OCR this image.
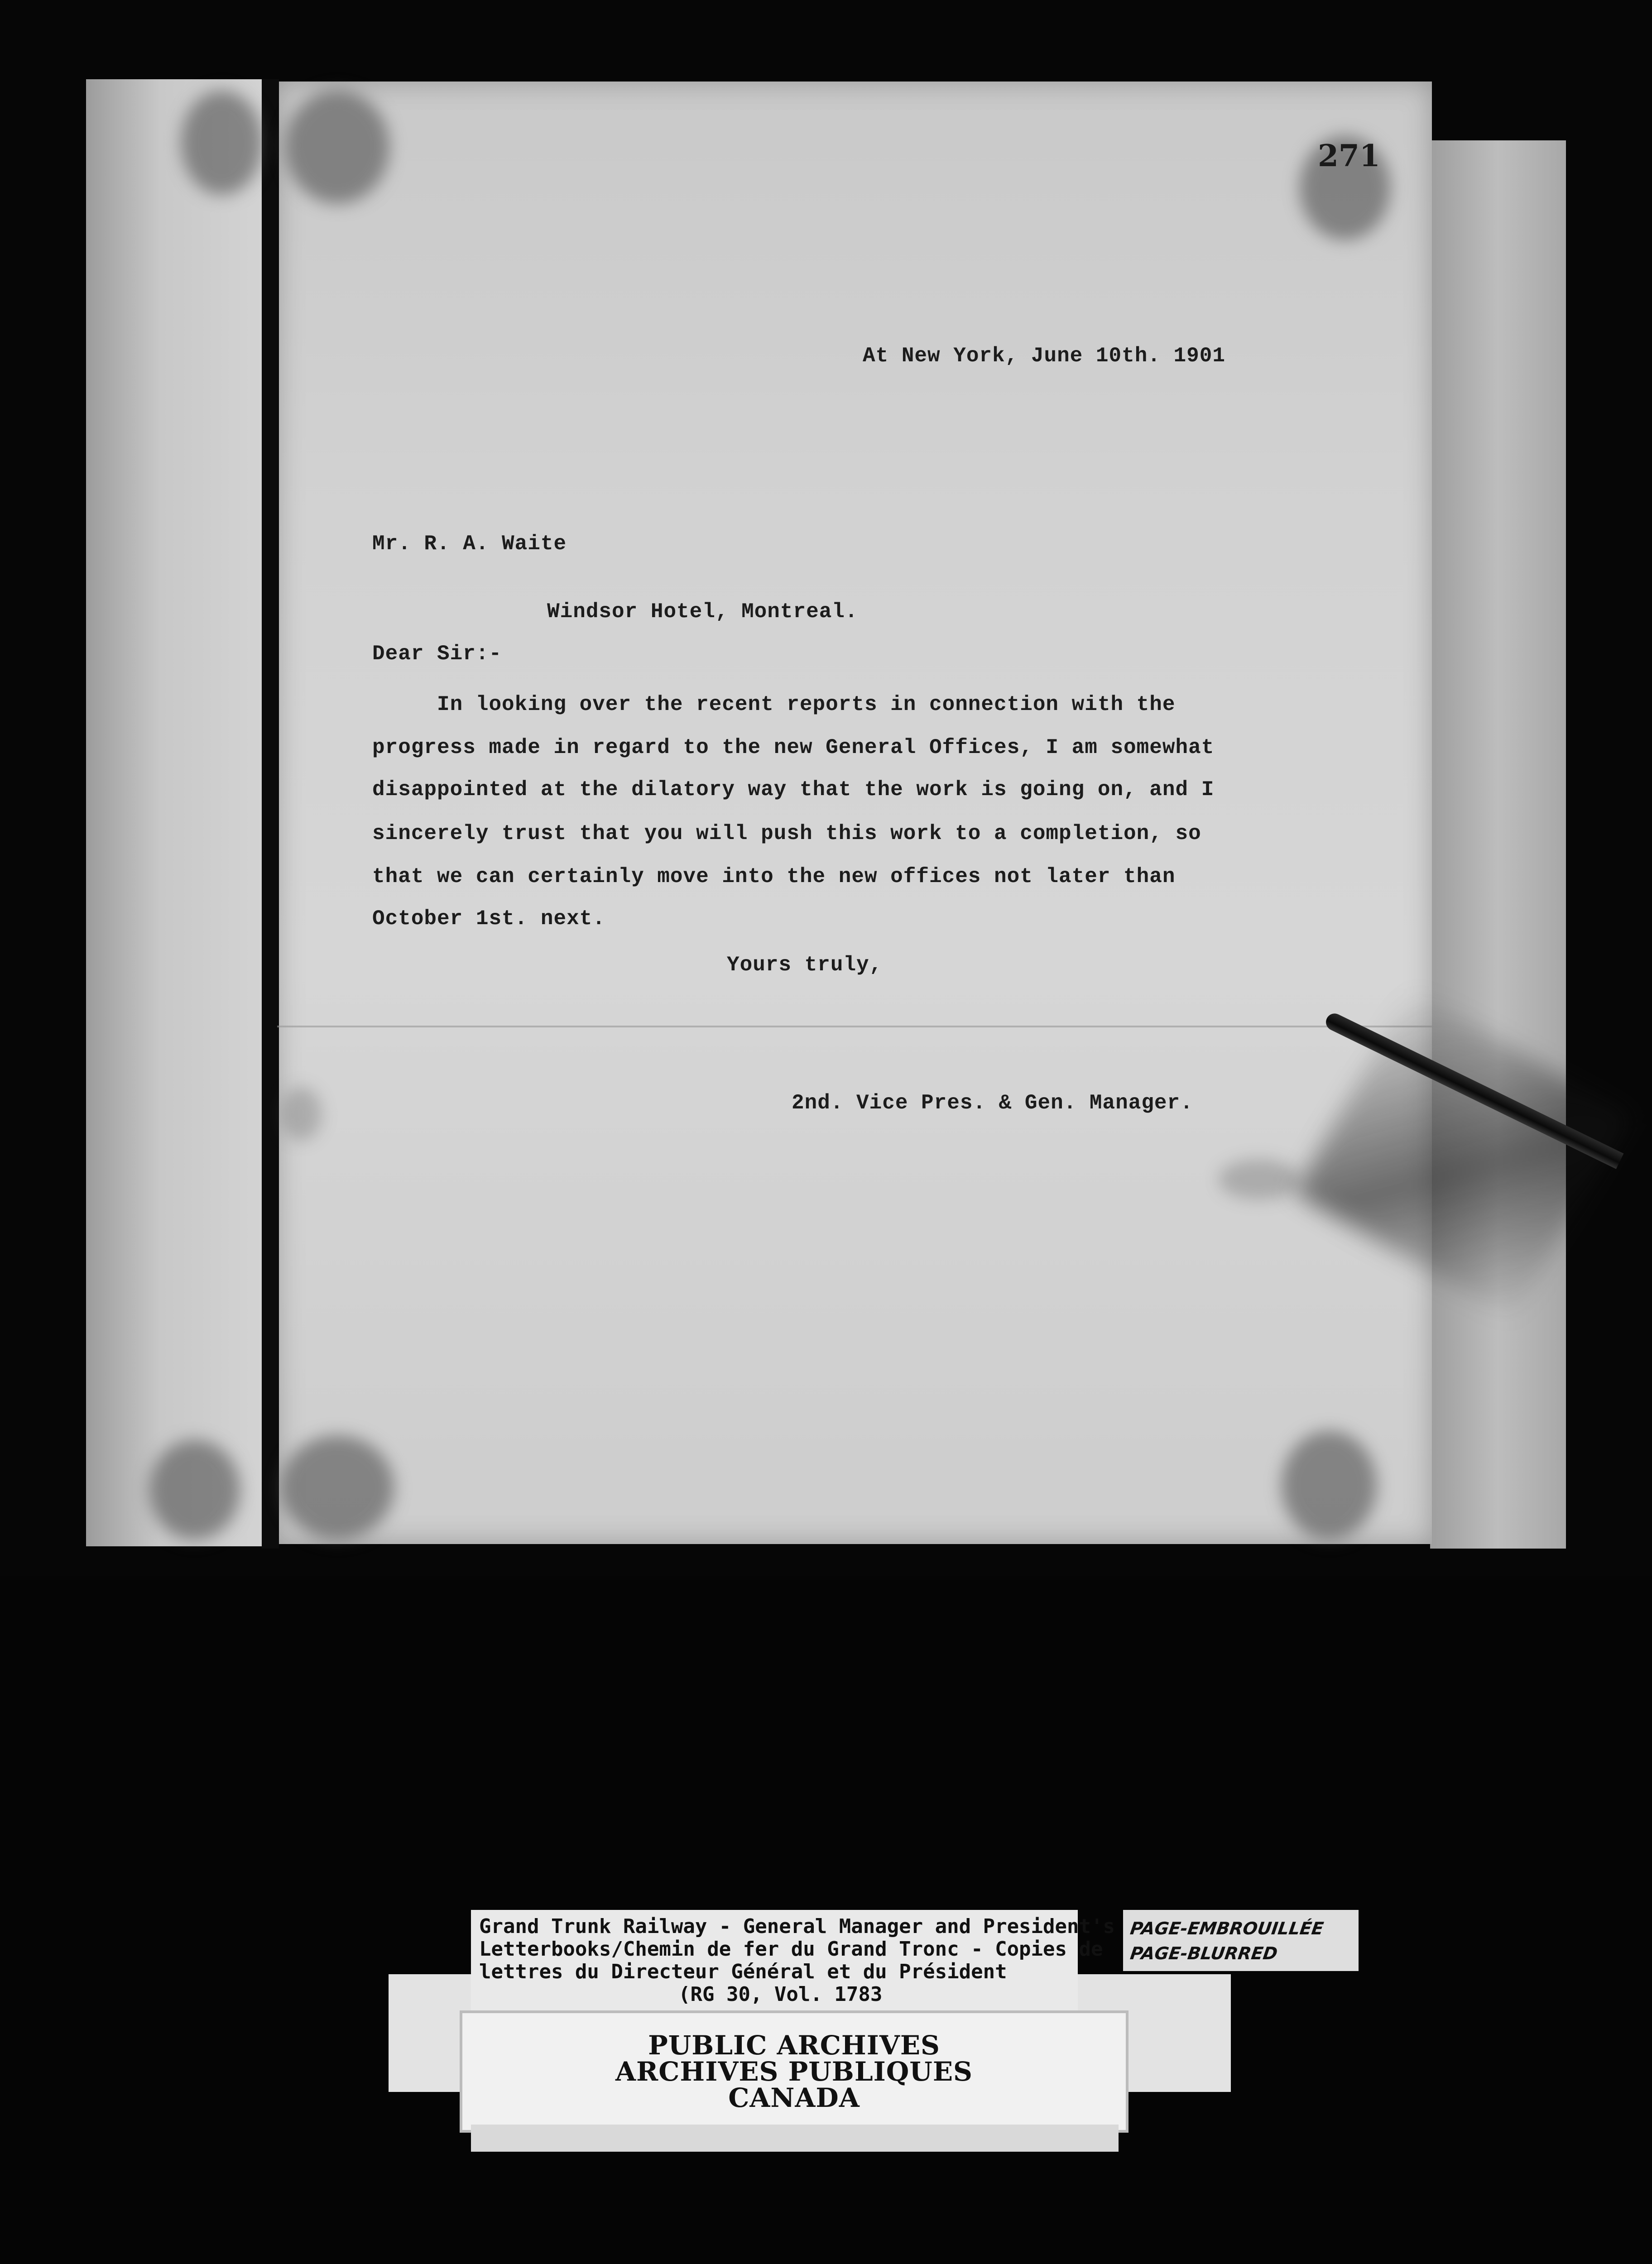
271
At New York, June 10th. 1901
Mr. R. A. Waite
Windsor Hotel, Montreal.
Dear Sir:-
In looking over the recent reports in connection with the
progress made in regard to the new General Offices, I am somewhat
disappointed at the dilatory way that the work is going on, and I
sincerely trust that you will push this work to a completion, so
that we can certainly move into the new offices not later than
October 1st. next.
Yours truly,
2nd. Vice Pres. & Gen. Manager.
Grand Trunk Railway - General Manager and President's
Letterbooks/Chemin de fer du Grand Tronc - Copies de
lettres du Directeur Général et du Président
(RG 30, Vol. 1783
PAGE-EMBROUILLÉE
PAGE-BLURRED
PUBLIC ARCHIVES
ARCHIVES PUBLIQUES
CANADA
